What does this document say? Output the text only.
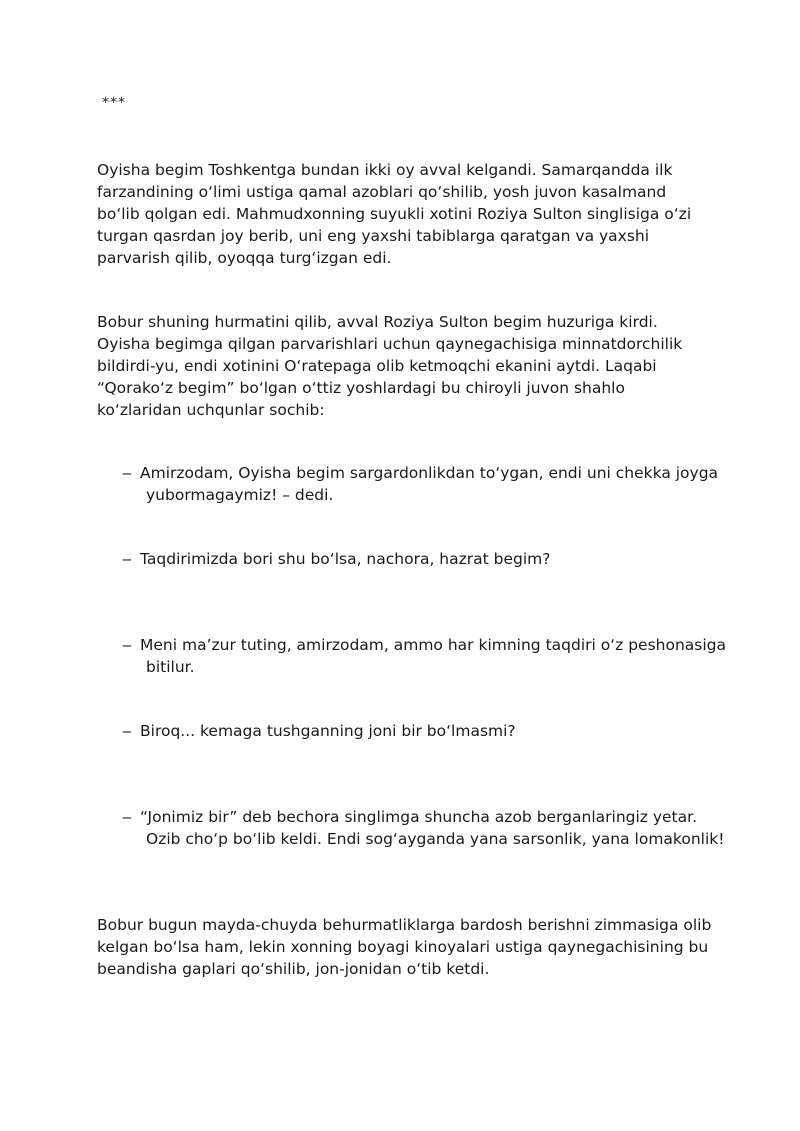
***

Oyisha begim Toshkentga bundan ikki oy avval kelgandi. Samarqandda ilk farzandining o‘limi ustiga qamal azoblari qo‘shilib, yosh juvon kasalmand bo‘lib qolgan edi. Mahmudxonning suyukli xotini Roziya Sulton singlisiga o‘zi turgan qasrdan joy berib, uni eng yaxshi tabiblarga qaratgan va yaxshi parvarish qilib, oyoqqa turg‘izgan edi.

Bobur shuning hurmatini qilib, avval Roziya Sulton begim huzuriga kirdi. Oyisha begimga qilgan parvarishlari uchun qaynegachisiga minnatdorchilik bildirdi-yu, endi xotinini O‘ratepaga olib ketmoqchi ekanini aytdi. Laqabi “Qorako‘z begim” bo‘lgan o‘ttiz yoshlardagi bu chiroyli juvon shahlo ko‘zlaridan uchqunlar sochib:

‒ Amirzodam, Oyisha begim sargardonlikdan to‘ygan, endi uni chekka joyga yubormagaymiz! – dedi.

‒ Taqdirimizda bori shu bo‘lsa, nachora, hazrat begim?

‒ Meni ma’zur tuting, amirzodam, ammo har kimning taqdiri o‘z peshonasiga bitilur.

‒ Biroq... kemaga tushganning joni bir bo‘lmasmi?

‒ “Jonimiz bir” deb bechora singlimga shuncha azob berganlaringiz yetar. Ozib cho‘p bo‘lib keldi. Endi sog‘ayganda yana sarsonlik, yana lomakonlik!

Bobur bugun mayda-chuyda behurmatliklarga bardosh berishni zimmasiga olib kelgan bo‘lsa ham, lekin xonning boyagi kinoyalari ustiga qaynegachisining bu beandisha gaplari qo‘shilib, jon-jonidan o‘tib ketdi.
